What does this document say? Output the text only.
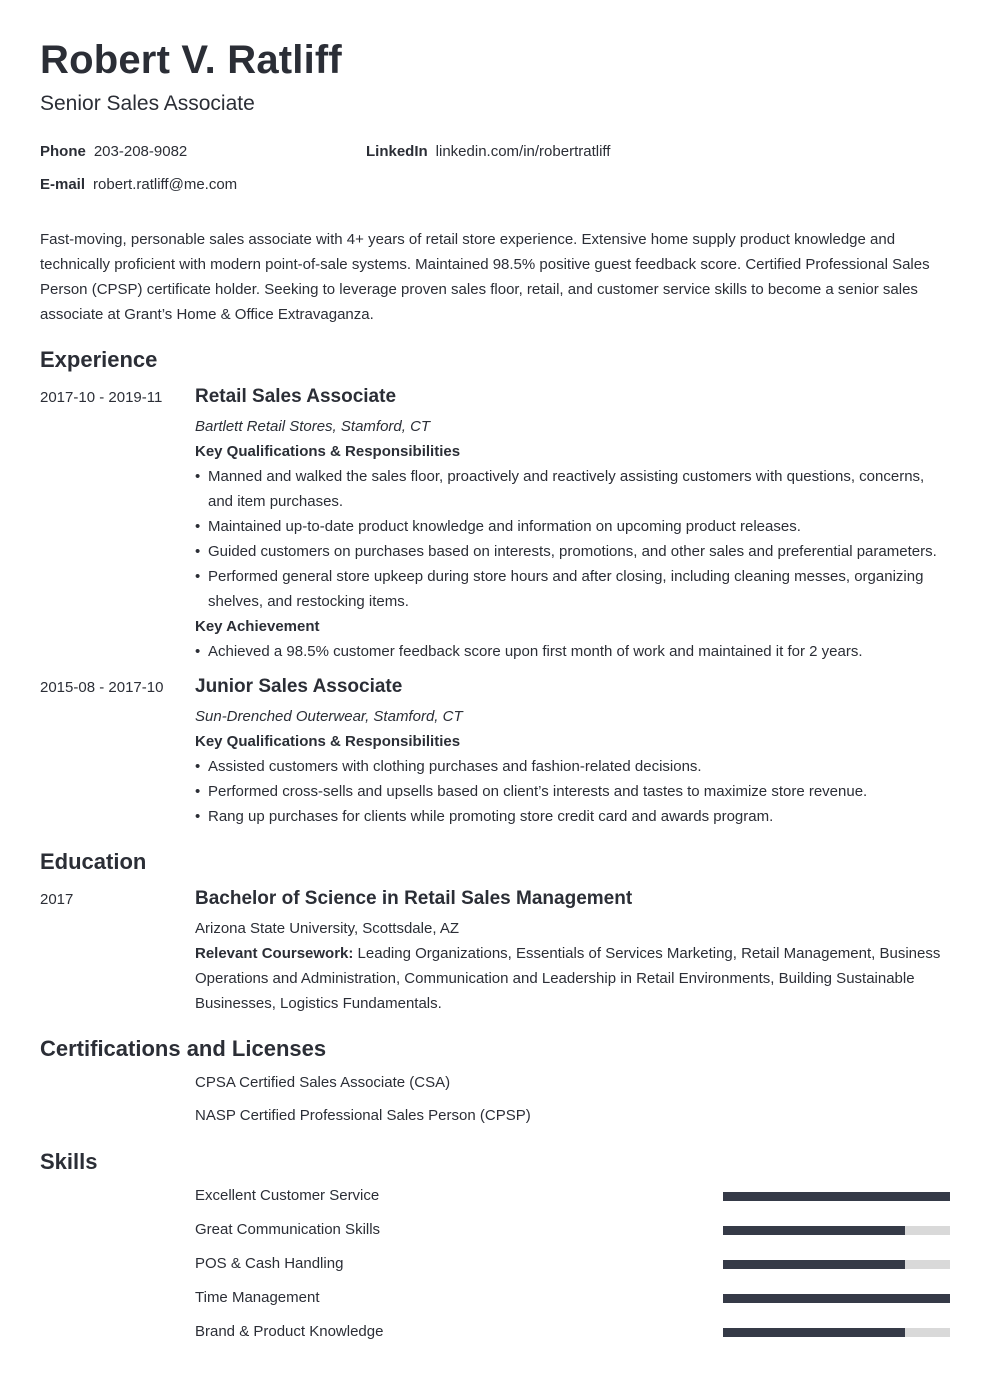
Robert V. Ratliff
Senior Sales Associate
Phone 203-208-9082	LinkedIn linkedin.com/in/robertratliff
E-mail robert.ratliff@me.com
Fast-moving, personable sales associate with 4+ years of retail store experience. Extensive home supply product knowledge and technically proficient with modern point-of-sale systems. Maintained 98.5% positive guest feedback score. Certified Professional Sales Person (CPSP) certificate holder. Seeking to leverage proven sales floor, retail, and customer service skills to become a senior sales associate at Grant’s Home & Office Extravaganza.
Experience
2017-10 - 2019-11 Retail Sales Associate
Bartlett Retail Stores, Stamford, CT
Key Qualifications & Responsibilities
• Manned and walked the sales floor, proactively and reactively assisting customers with questions, concerns, and item purchases.
• Maintained up-to-date product knowledge and information on upcoming product releases.
• Guided customers on purchases based on interests, promotions, and other sales and preferential parameters.
• Performed general store upkeep during store hours and after closing, including cleaning messes, organizing shelves, and restocking items.
Key Achievement
• Achieved a 98.5% customer feedback score upon first month of work and maintained it for 2 years.
2015-08 - 2017-10 Junior Sales Associate
Sun-Drenched Outerwear, Stamford, CT
Key Qualifications & Responsibilities
• Assisted customers with clothing purchases and fashion-related decisions.
• Performed cross-sells and upsells based on client’s interests and tastes to maximize store revenue.
• Rang up purchases for clients while promoting store credit card and awards program.
Education
2017	Bachelor of Science in Retail Sales Management
Arizona State University, Scottsdale, AZ
Relevant Coursework: Leading Organizations, Essentials of Services Marketing, Retail Management, Business Operations and Administration, Communication and Leadership in Retail Environments, Building Sustainable Businesses, Logistics Fundamentals.
Certifications and Licenses
CPSA Certified Sales Associate (CSA)
NASP Certified Professional Sales Person (CPSP)
Skills
Excellent Customer Service
Great Communication Skills
POS & Cash Handling
Time Management
Brand & Product Knowledge
